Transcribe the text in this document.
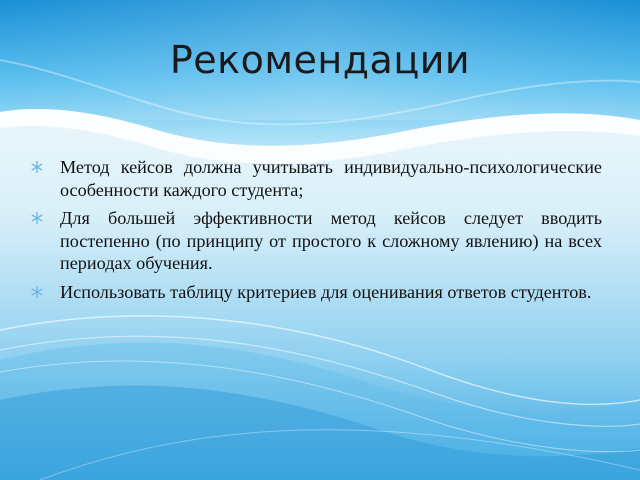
Рекомендации
Метод кейсов должна учитывать индивидуально-психологические особенности каждого студента;
Для большей эффективности метод кейсов следует вводить постепенно (по принципу от простого к сложному явлению) на всех периодах обучения.
Использовать таблицу критериев для оценивания ответов студентов.
